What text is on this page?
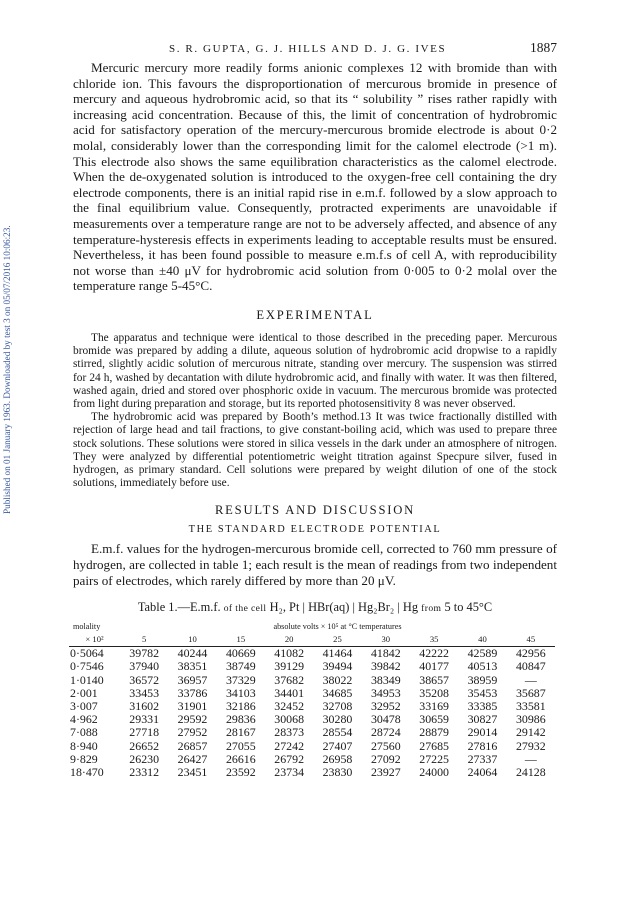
Published on 01 January 1963. Downloaded by test 3 on 05/07/2016 10:06:23.
S. R. GUPTA, G. J. HILLS AND D. J. G. IVES	1887

Mercuric mercury more readily forms anionic complexes 12 with bromide than with chloride ion. This favours the disproportionation of mercurous bromide in presence of mercury and aqueous hydrobromic acid, so that its “ solubility ” rises rather rapidly with increasing acid concentration. Because of this, the limit of concentration of hydrobromic acid for satisfactory operation of the mercury-mercurous bromide electrode is about 0·2 molal, considerably lower than the corresponding limit for the calomel electrode (>1 m). This electrode also shows the same equilibration characteristics as the calomel electrode. When the de-oxygenated solution is introduced to the oxygen-free cell containing the dry electrode components, there is an initial rapid rise in e.m.f. followed by a slow approach to the final equilibrium value. Consequently, protracted experiments are unavoidable if measurements over a temperature range are not to be adversely affected, and absence of any temperature-hysteresis effects in experiments leading to acceptable results must be ensured. Nevertheless, it has been found possible to measure e.m.f.s of cell A, with reproducibility not worse than ±40 μV for hydrobromic acid solution from 0·005 to 0·2 molal over the temperature range 5-45°C.

EXPERIMENTAL

The apparatus and technique were identical to those described in the preceding paper. Mercurous bromide was prepared by adding a dilute, aqueous solution of hydrobromic acid dropwise to a rapidly stirred, slightly acidic solution of mercurous nitrate, standing over mercury. The suspension was stirred for 24 h, washed by decantation with dilute hydrobromic acid, and finally with water. It was then filtered, washed again, dried and stored over phosphoric oxide in vacuum. The mercurous bromide was protected from light during preparation and storage, but its reported photosensitivity 8 was never observed.

The hydrobromic acid was prepared by Booth’s method.13 It was twice fractionally distilled with rejection of large head and tail fractions, to give constant-boiling acid, which was used to prepare three stock solutions. These solutions were stored in silica vessels in the dark under an atmosphere of nitrogen. They were analyzed by differential potentiometric weight titration against Specpure silver, fused in hydrogen, as primary standard. Cell solutions were prepared by weight dilution of one of the stock solutions, immediately before use.

RESULTS AND DISCUSSION
THE STANDARD ELECTRODE POTENTIAL

E.m.f. values for the hydrogen-mercurous bromide cell, corrected to 760 mm pressure of hydrogen, are collected in table 1; each result is the mean of readings from two independent pairs of electrodes, which rarely differed by more than 20 μV.

Table 1.—E.m.f. of the cell H₂, Pt | HBr(aq) | Hg₂Br₂ | Hg from 5 to 45°C
molality	absolute volts × 10⁵ at °C temperatures								
× 10²	5	10	15	20	25	30	35	40	45
0·5064	39782	40244	40669	41082	41464	41842	42222	42589	42956
0·7546	37940	38351	38749	39129	39494	39842	40177	40513	40847
1·0140	36572	36957	37329	37682	38022	38349	38657	38959	—
2·001	33453	33786	34103	34401	34685	34953	35208	35453	35687
3·007	31602	31901	32186	32452	32708	32952	33169	33385	33581
4·962	29331	29592	29836	30068	30280	30478	30659	30827	30986
7·088	27718	27952	28167	28373	28554	28724	28879	29014	29142
8·940	26652	26857	27055	27242	27407	27560	27685	27816	27932
9·829	26230	26427	26616	26792	26958	27092	27225	27337	—
18·470	23312	23451	23592	23734	23830	23927	24000	24064	24128
